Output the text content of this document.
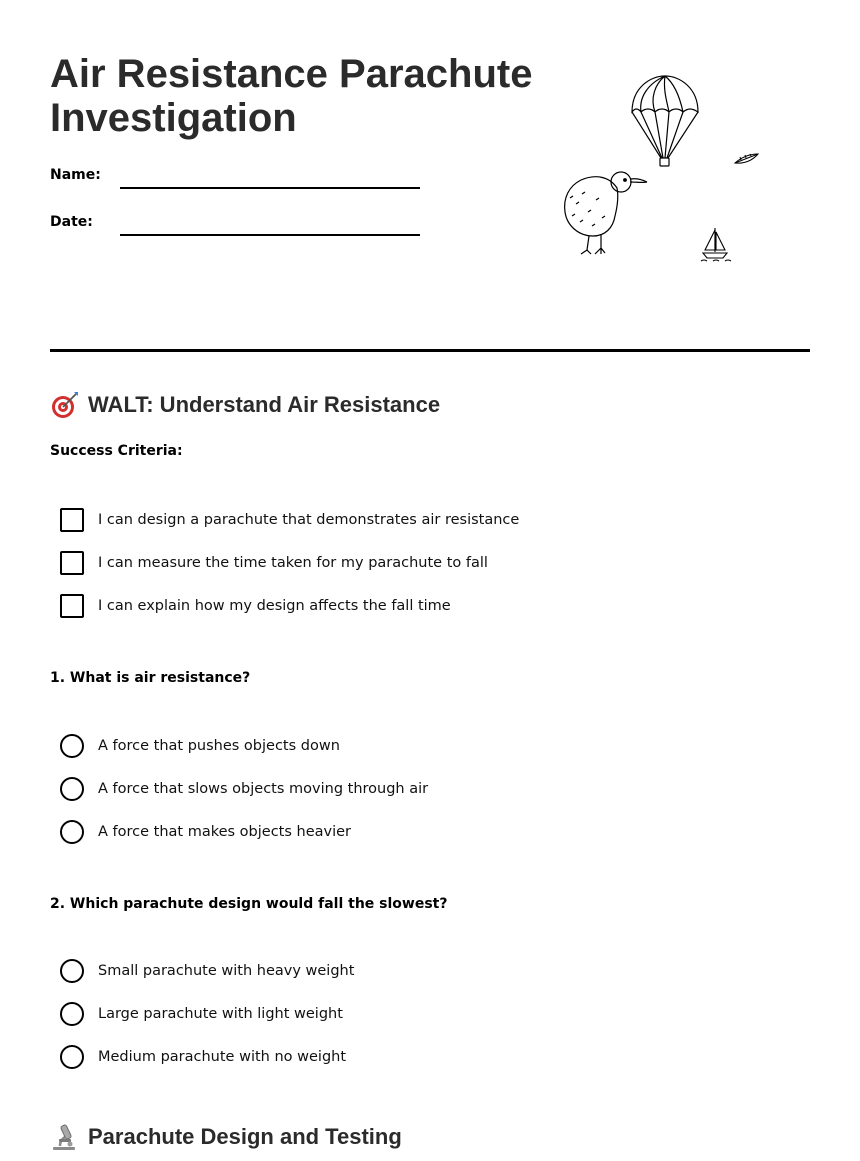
Air Resistance Parachute Investigation
Name:
Date:
WALT: Understand Air Resistance
Success Criteria:
I can design a parachute that demonstrates air resistance
I can measure the time taken for my parachute to fall
I can explain how my design affects the fall time
1. What is air resistance?
A force that pushes objects down
A force that slows objects moving through air
A force that makes objects heavier
2. Which parachute design would fall the slowest?
Small parachute with heavy weight
Large parachute with light weight
Medium parachute with no weight
Parachute Design and Testing
